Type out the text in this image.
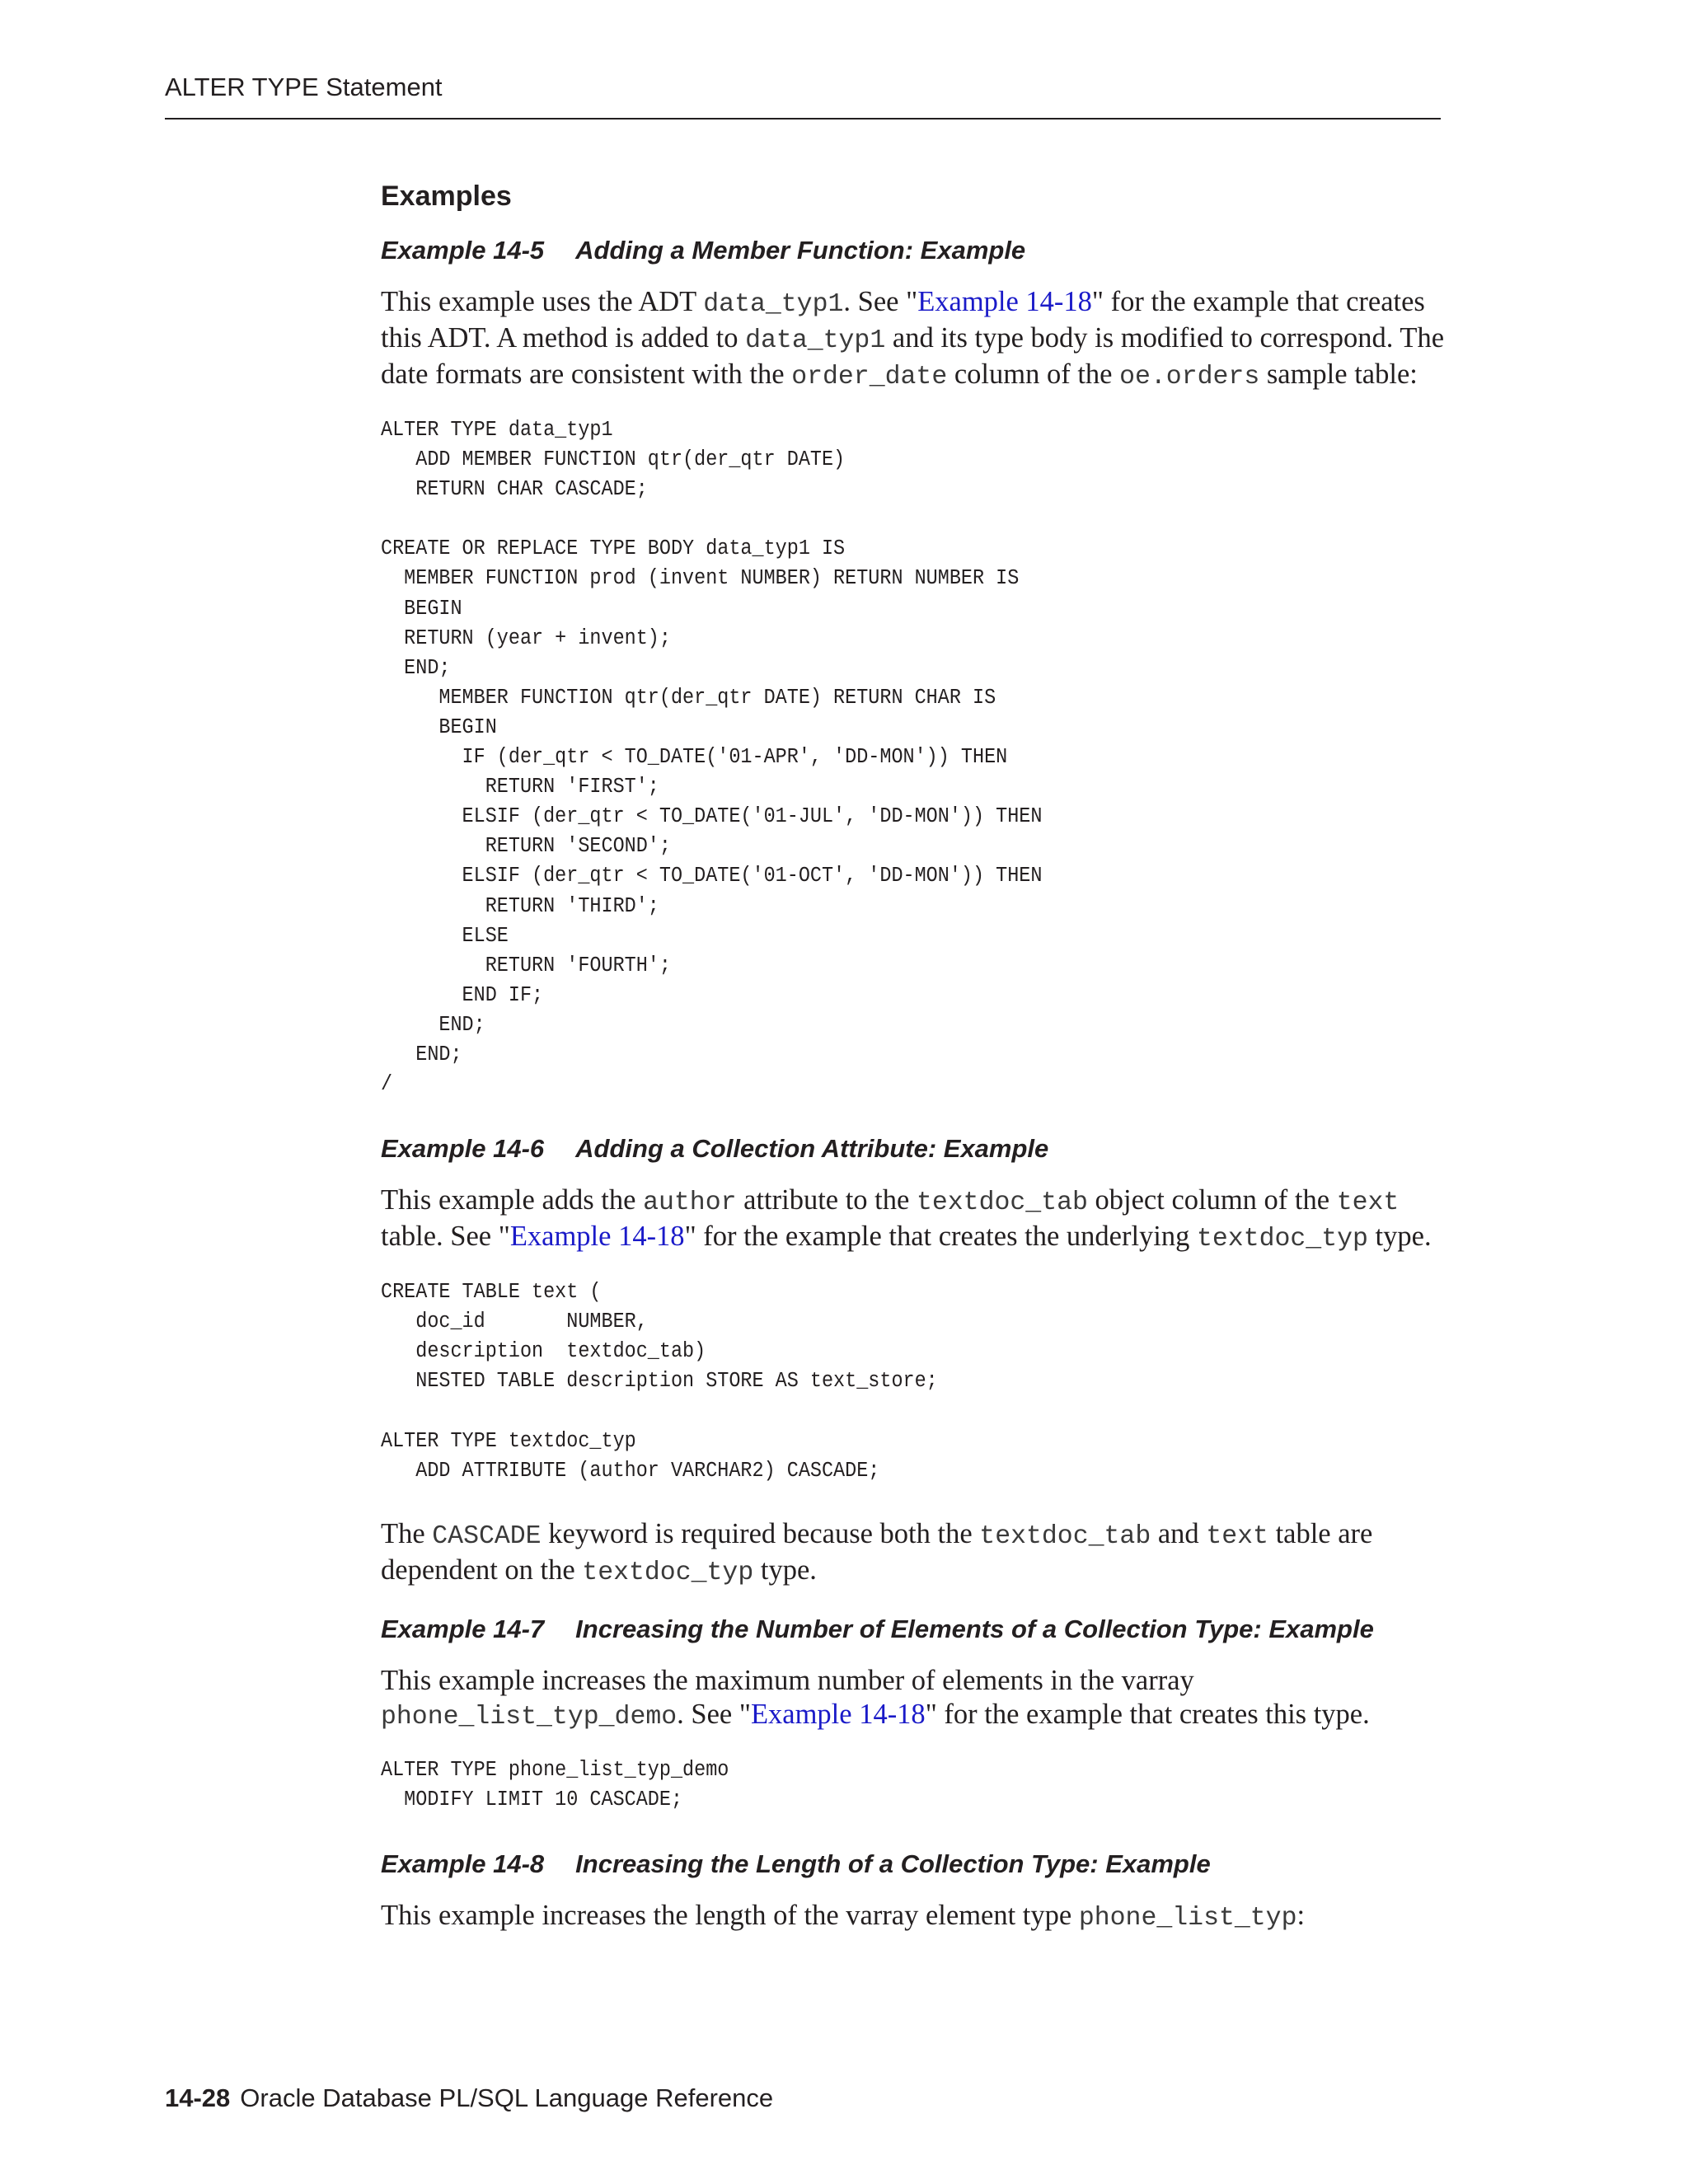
ALTER TYPE Statement
Examples
Example 14-5 Adding a Member Function: Example

This example uses the ADT data_typ1. See "Example 14-18" for the example that creates this ADT. A method is added to data_typ1 and its type body is modified to correspond. The date formats are consistent with the order_date column of the oe.orders sample table:

ALTER TYPE data_typ1
ADD MEMBER FUNCTION qtr(der_qtr DATE)
RETURN CHAR CASCADE;

CREATE OR REPLACE TYPE BODY data_typ1 IS
MEMBER FUNCTION prod (invent NUMBER) RETURN NUMBER IS
BEGIN
RETURN (year + invent);
END;
MEMBER FUNCTION qtr(der_qtr DATE) RETURN CHAR IS
BEGIN
IF (der_qtr < TO_DATE('01-APR', 'DD-MON')) THEN
RETURN 'FIRST';
ELSIF (der_qtr < TO_DATE('01-JUL', 'DD-MON')) THEN
RETURN 'SECOND';
ELSIF (der_qtr < TO_DATE('01-OCT', 'DD-MON')) THEN
RETURN 'THIRD';
ELSE
RETURN 'FOURTH';
END IF;
END;
END;
/
Example 14-6 Adding a Collection Attribute: Example

This example adds the author attribute to the textdoc_tab object column of the text table. See "Example 14-18" for the example that creates the underlying textdoc_typ type.

CREATE TABLE text (
doc_id       NUMBER,
description  textdoc_tab)
NESTED TABLE description STORE AS text_store;

ALTER TYPE textdoc_typ
ADD ATTRIBUTE (author VARCHAR2) CASCADE;

The CASCADE keyword is required because both the textdoc_tab and text table are dependent on the textdoc_typ type.

Example 14-7 Increasing the Number of Elements of a Collection Type: Example

This example increases the maximum number of elements in the varray phone_list_typ_demo. See "Example 14-18" for the example that creates this type.

ALTER TYPE phone_list_typ_demo
MODIFY LIMIT 10 CASCADE;
Example 14-8 Increasing the Length of a Collection Type: Example

This example increases the length of the varray element type phone_list_typ:

14-28 Oracle Database PL/SQL Language Reference
